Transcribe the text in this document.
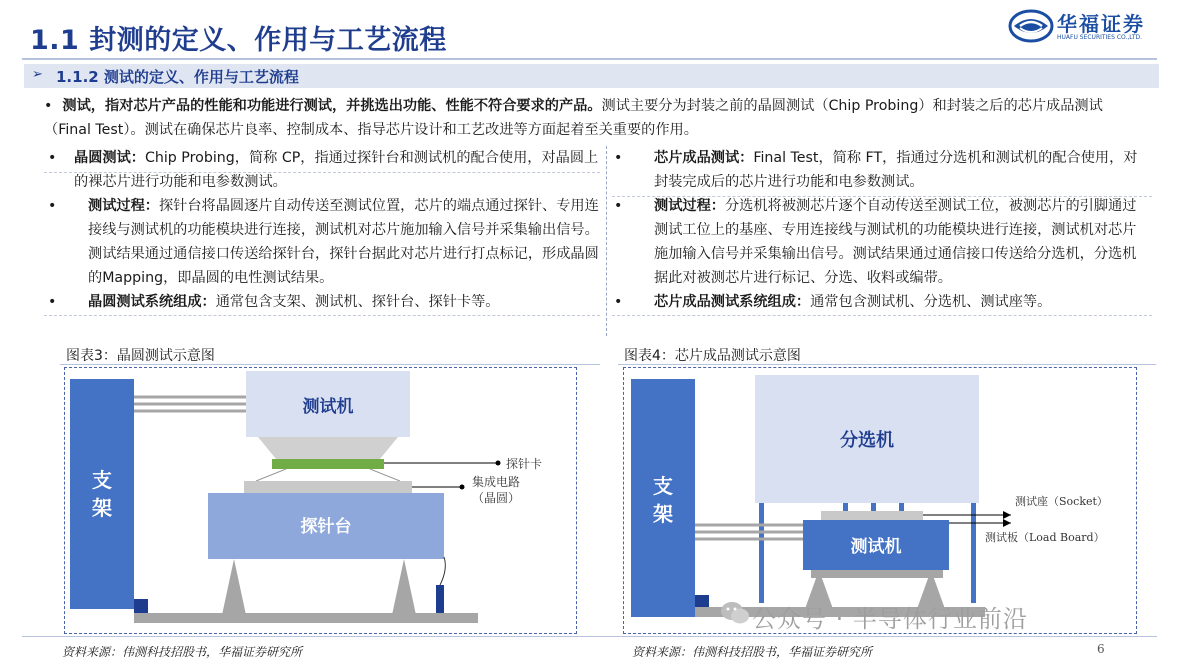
1.1 封测的定义、作用与工艺流程
华福证券
HUAFU SECURITIES CO.,LTD.
➢ 1.1.2 测试的定义、作用与工艺流程
• 测试，指对芯片产品的性能和功能进行测试，并挑选出功能、性能不符合要求的产品。测试主要分为封装之前的晶圆测试（Chip Probing）和封装之后的芯片成品测试（Final Test）。测试在确保芯片良率、控制成本、指导芯片设计和工艺改进等方面起着至关重要的作用。
• 晶圆测试：Chip Probing，简称 CP，指通过探针台和测试机的配合使用，对晶圆上的裸芯片进行功能和电参数测试。
• 测试过程：探针台将晶圆逐片自动传送至测试位置，芯片的端点通过探针、专用连接线与测试机的功能模块进行连接，测试机对芯片施加输入信号并采集输出信号。测试结果通过通信接口传送给探针台，探针台据此对芯片进行打点标记，形成晶圆的Mapping，即晶圆的电性测试结果。
• 晶圆测试系统组成：通常包含支架、测试机、探针台、探针卡等。
• 芯片成品测试：Final Test，简称 FT，指通过分选机和测试机的配合使用，对封装完成后的芯片进行功能和电参数测试。
• 测试过程：分选机将被测芯片逐个自动传送至测试工位，被测芯片的引脚通过测试工位上的基座、专用连接线与测试机的功能模块进行连接，测试机对芯片施加输入信号并采集输出信号。测试结果通过通信接口传送给分选机，分选机据此对被测芯片进行标记、分选、收料或编带。
• 芯片成品测试系统组成：通常包含测试机、分选机、测试座等。
图表3：晶圆测试示意图	图表4：芯片成品测试示意图
支
架
测试机
探针卡
集成电路
（晶圆）
探针台
支
架
分选机
测试座（Socket）
测试机	测试板（Load Board）
公众号 · 半导体行业前沿
资料来源：伟测科技招股书，华福证券研究所	资料来源：伟测科技招股书，华福证券研究所	6
